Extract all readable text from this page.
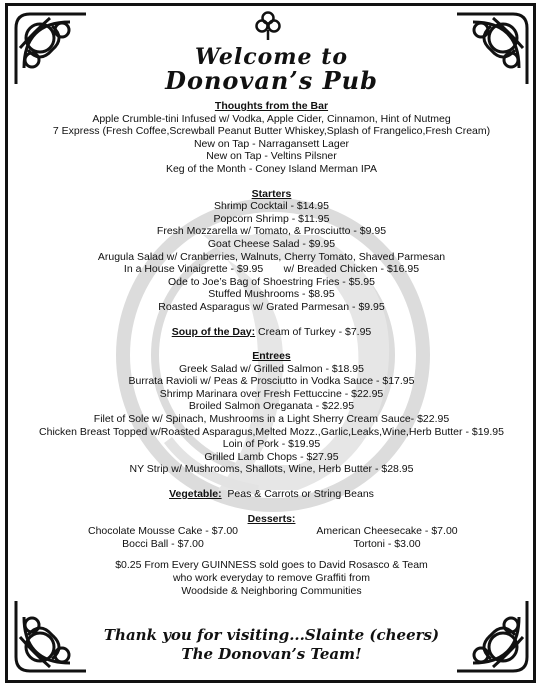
Welcome to
Donovan’s Pub
Thoughts from the Bar
Apple Crumble-tini Infused w/ Vodka, Apple Cider, Cinnamon, Hint of Nutmeg
7 Express (Fresh Coffee,Screwball Peanut Butter Whiskey,Splash of Frangelico,Fresh Cream)
New on Tap - Narragansett Lager
New on Tap - Veltins Pilsner
Keg of the Month - Coney Island Merman IPA
Starters
Shrimp Cocktail - $14.95
Popcorn Shrimp - $11.95
Fresh Mozzarella w/ Tomato, & Prosciutto - $9.95
Goat Cheese Salad - $9.95
Arugula Salad w/ Cranberries, Walnuts, Cherry Tomato, Shaved Parmesan
In a House Vinaigrette - $9.95       w/ Breaded Chicken - $16.95
Ode to Joe’s Bag of Shoestring Fries - $5.95
Stuffed Mushrooms - $8.95
Roasted Asparagus w/ Grated Parmesan - $9.95
Soup of the Day: Cream of Turkey - $7.95
Entrees
Greek Salad w/ Grilled Salmon - $18.95
Burrata Ravioli w/ Peas & Prosciutto in Vodka Sauce - $17.95
Shrimp Marinara over Fresh Fettuccine - $22.95
Broiled Salmon Oreganata - $22.95
Filet of Sole w/ Spinach, Mushrooms in a Light Sherry Cream Sauce- $22.95
Chicken Breast Topped w/Roasted Asparagus,Melted Mozz.,Garlic,Leaks,Wine,Herb Butter - $19.95
Loin of Pork - $19.95
Grilled Lamb Chops - $27.95
NY Strip w/ Mushrooms, Shallots, Wine, Herb Butter - $28.95
Vegetable:  Peas & Carrots or String Beans
Desserts:
Chocolate Mousse Cake - $7.00
Bocci Ball - $7.00
American Cheesecake - $7.00
Tortoni - $3.00
$0.25 From Every GUINNESS sold goes to David Rosasco & Team
who work everyday to remove Graffiti from
Woodside & Neighboring Communities
Thank you for visiting...Slainte (cheers)
The Donovan’s Team!
